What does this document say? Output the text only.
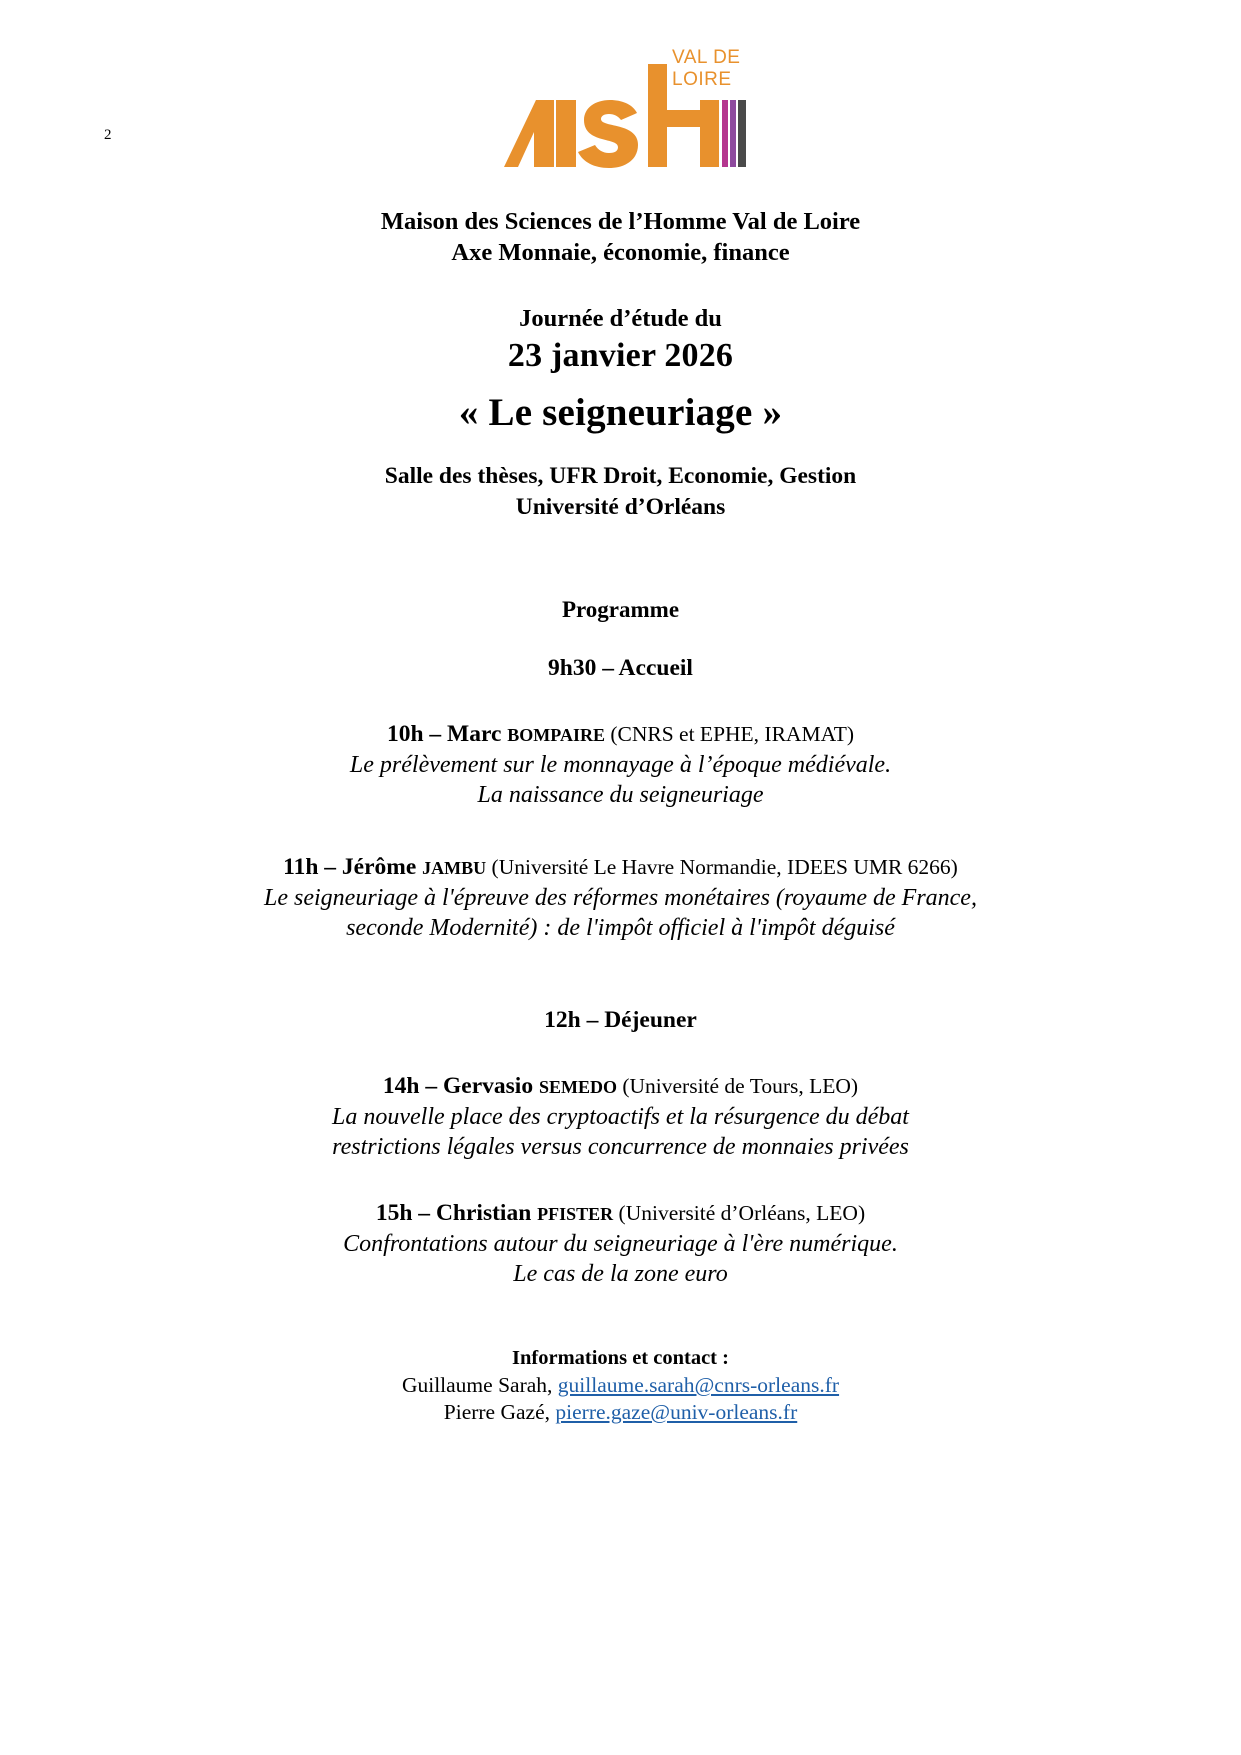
2
VAL DE
LOIRE
Maison des Sciences de l’Homme Val de Loire
Axe Monnaie, économie, finance
Journée d’étude du
23 janvier 2026
« Le seigneuriage »
Salle des thèses, UFR Droit, Economie, Gestion
Université d’Orléans
Programme
9h30 – Accueil
10h – Marc bompaire (CNRS et EPHE, IRAMAT)
Le prélèvement sur le monnayage à l’époque médiévale.
La naissance du seigneuriage
11h – Jérôme jambu (Université Le Havre Normandie, IDEES UMR 6266)
Le seigneuriage à l'épreuve des réformes monétaires (royaume de France,
seconde Modernité) : de l'impôt officiel à l'impôt déguisé
12h – Déjeuner
14h – Gervasio semedo (Université de Tours, LEO)
La nouvelle place des cryptoactifs et la résurgence du débat
restrictions légales versus concurrence de monnaies privées
15h – Christian pfister (Université d’Orléans, LEO)
Confrontations autour du seigneuriage à l'ère numérique.
Le cas de la zone euro
Informations et contact :
Guillaume Sarah, guillaume.sarah@cnrs-orleans.fr
Pierre Gazé, pierre.gaze@univ-orleans.fr
